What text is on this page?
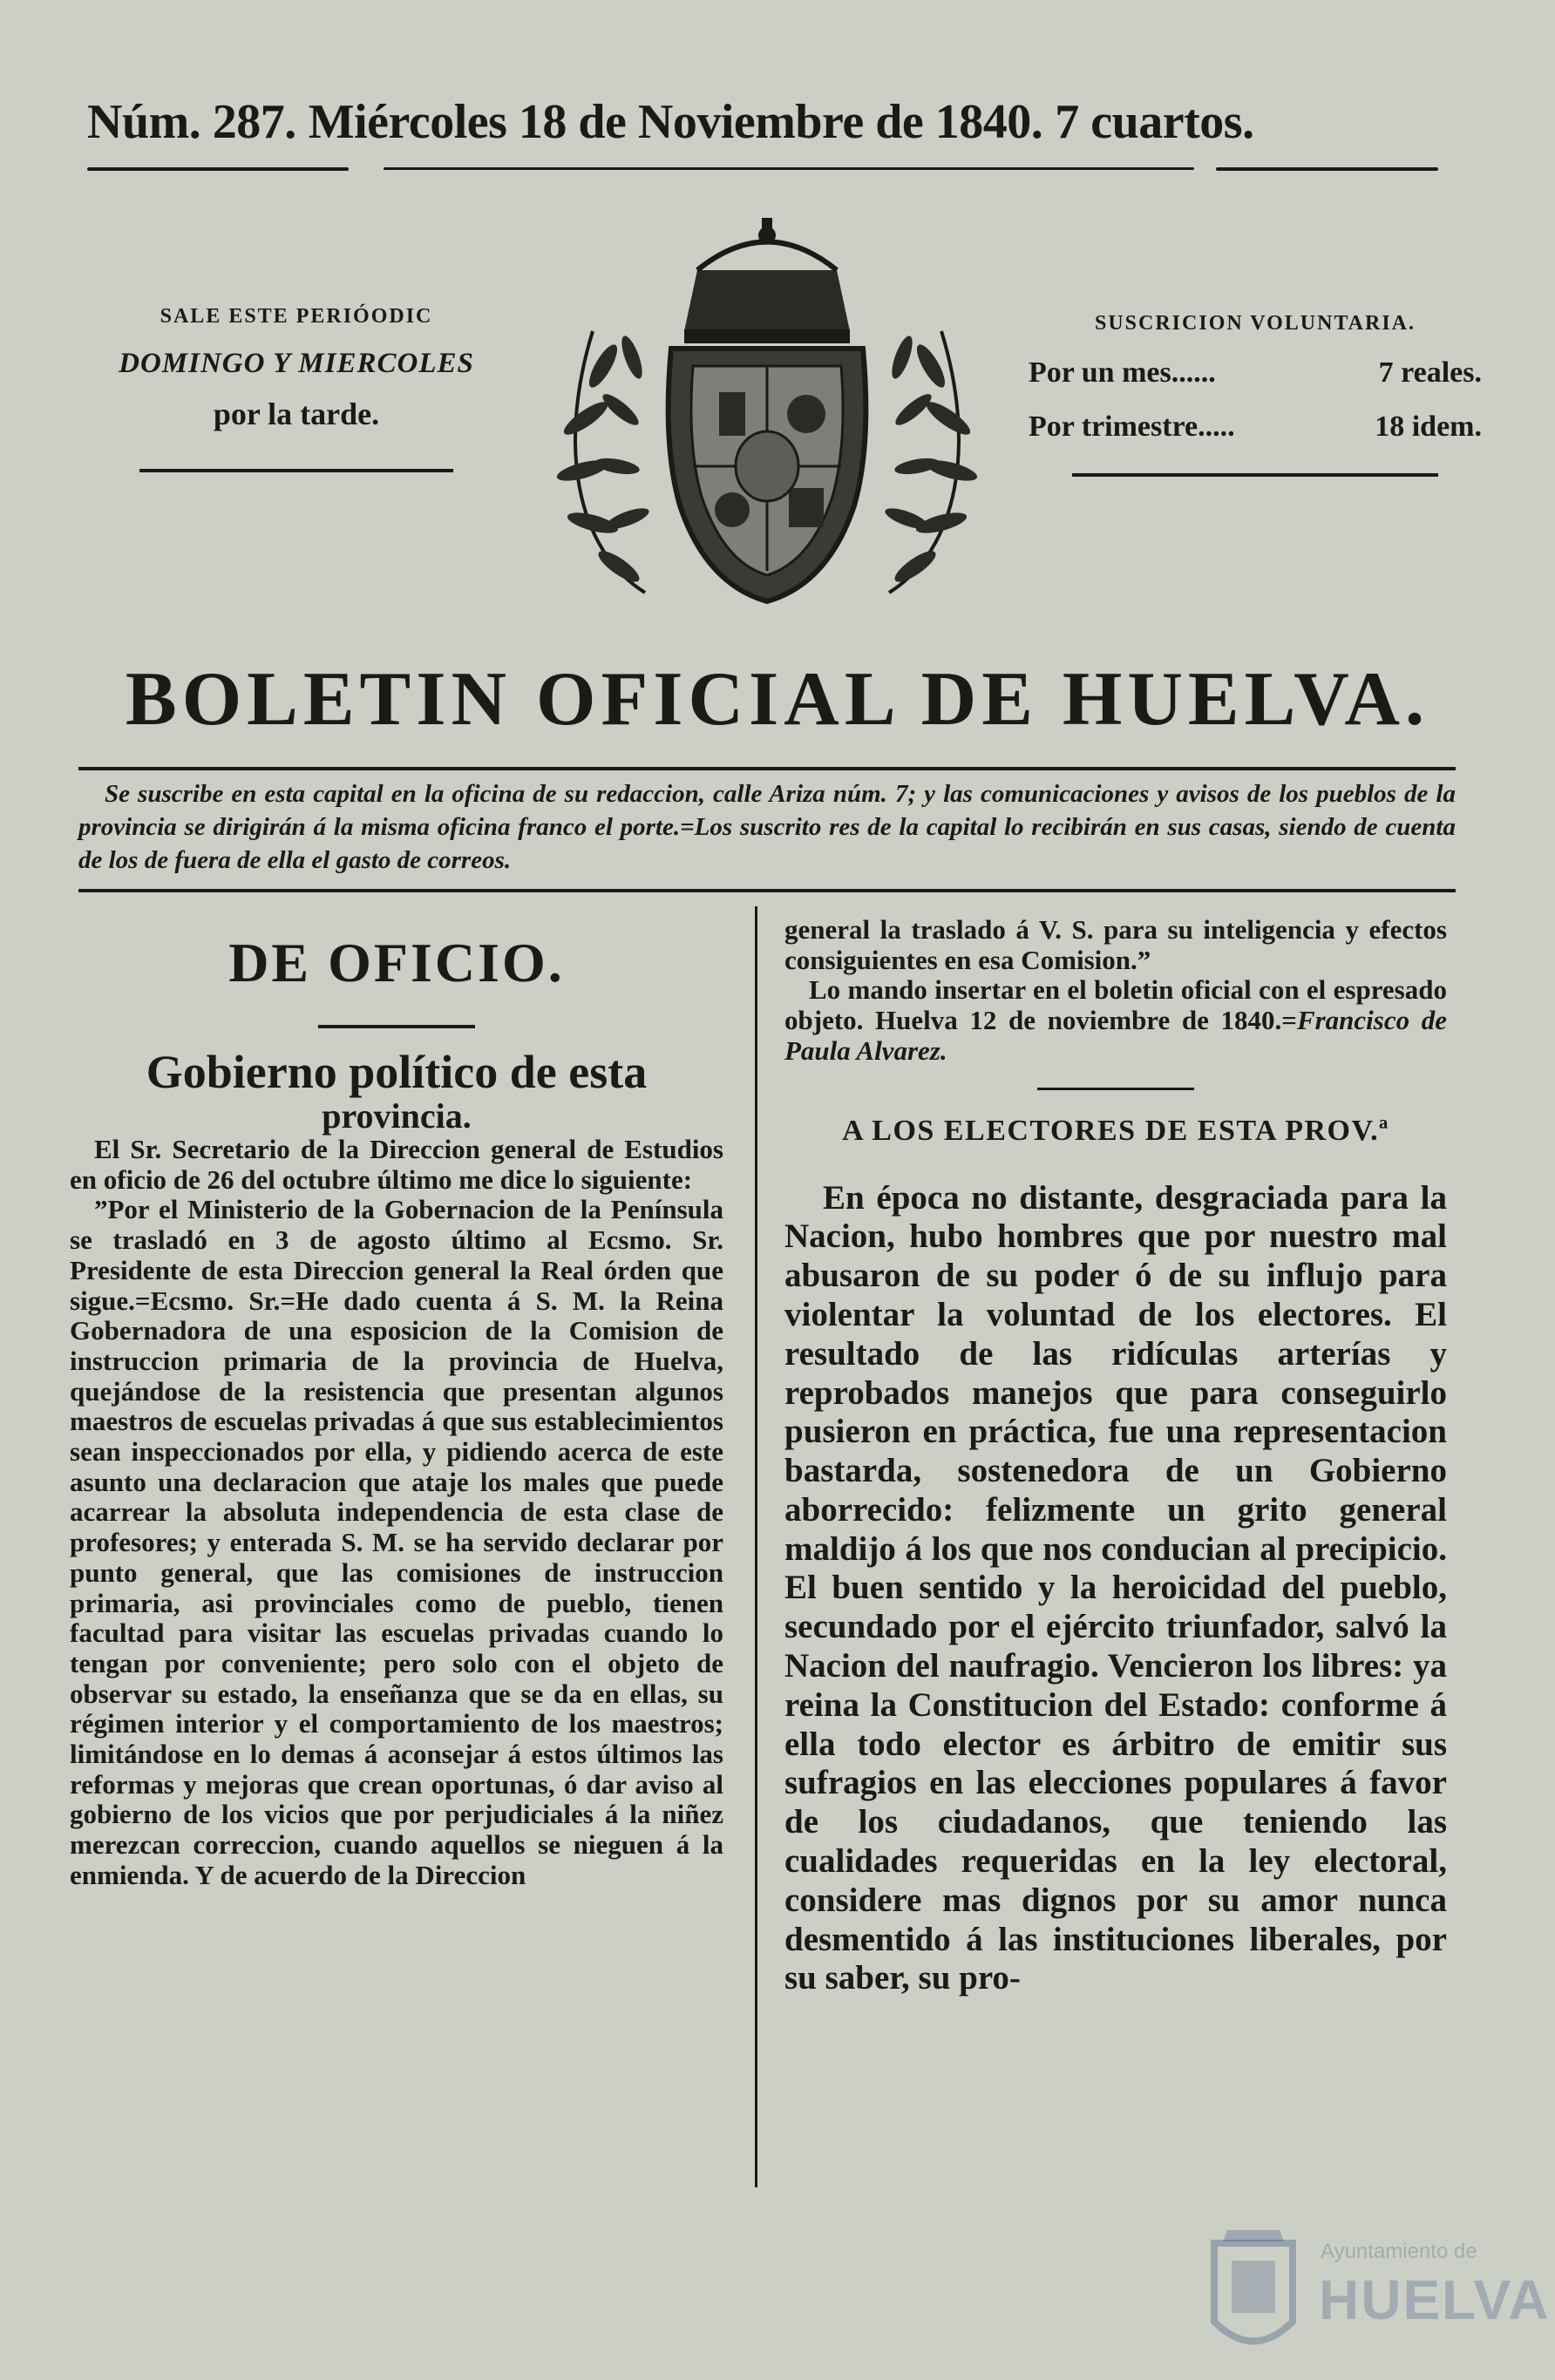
Núm. 287. Miércoles 18 de Noviembre de 1840. 7 cuartos.
SALE ESTE PERIÓODIC
DOMINGO Y MIERCOLES
por la tarde.
SUSCRICION VOLUNTARIA.
Por un mes......	7 reales.
Por trimestre.....	18 idem.
BOLETIN OFICIAL DE HUELVA.
Se suscribe en esta capital en la oficina de su redaccion, calle Ariza núm. 7; y las comunicaciones y avisos de los pueblos de la provincia se dirigirán á la misma oficina franco el porte.=Los suscrito res de la capital lo recibirán en sus casas, siendo de cuenta de los de fuera de ella el gasto de correos.
DE OFICIO.
Gobierno político de esta
provincia.

El Sr. Secretario de la Direccion general de Estudios en oficio de 26 del octubre último me dice lo siguiente:

”Por el Ministerio de la Gobernacion de la Península se trasladó en 3 de agosto último al Ecsmo. Sr. Presidente de esta Direccion general la Real órden que sigue.=Ecsmo. Sr.=He dado cuenta á S. M. la Reina Gobernadora de una esposicion de la Comision de instruccion primaria de la provincia de Huelva, quejándose de la resistencia que presentan algunos maestros de escuelas privadas á que sus establecimientos sean inspeccionados por ella, y pidiendo acerca de este asunto una declaracion que ataje los males que puede acarrear la absoluta independencia de esta clase de profesores; y enterada S. M. se ha servido declarar por punto general, que las comisiones de instruccion primaria, asi provinciales como de pueblo, tienen facultad para visitar las escuelas privadas cuando lo tengan por conveniente; pero solo con el objeto de observar su estado, la enseñanza que se da en ellas, su régimen interior y el comportamiento de los maestros; limitándose en lo demas á aconsejar á estos últimos las reformas y mejoras que crean oportunas, ó dar aviso al gobierno de los vicios que por perjudiciales á la niñez merezcan correccion, cuando aquellos se nieguen á la enmienda. Y de acuerdo de la Direccion

general la traslado á V. S. para su inteligencia y efectos consiguientes en esa Comision.”

Lo mando insertar en el boletin oficial con el espresado objeto. Huelva 12 de noviembre de 1840.=Francisco de Paula Alvarez.

A LOS ELECTORES DE ESTA PROV.ª

En época no distante, desgraciada para la Nacion, hubo hombres que por nuestro mal abusaron de su poder ó de su influjo para violentar la voluntad de los electores. El resultado de las ridículas arterías y reprobados manejos que para conseguirlo pusieron en práctica, fue una representacion bastarda, sostenedora de un Gobierno aborrecido: felizmente un grito general maldijo á los que nos conducian al precipicio. El buen sentido y la heroicidad del pueblo, secundado por el ejército triunfador, salvó la Nacion del naufragio. Vencieron los libres: ya reina la Constitucion del Estado: conforme á ella todo elector es árbitro de emitir sus sufragios en las elecciones populares á favor de los ciudadanos, que teniendo las cualidades requeridas en la ley electoral, considere mas dignos por su amor nunca desmentido á las instituciones liberales, por su saber, su pro-

Ayuntamiento de
HUELVA
